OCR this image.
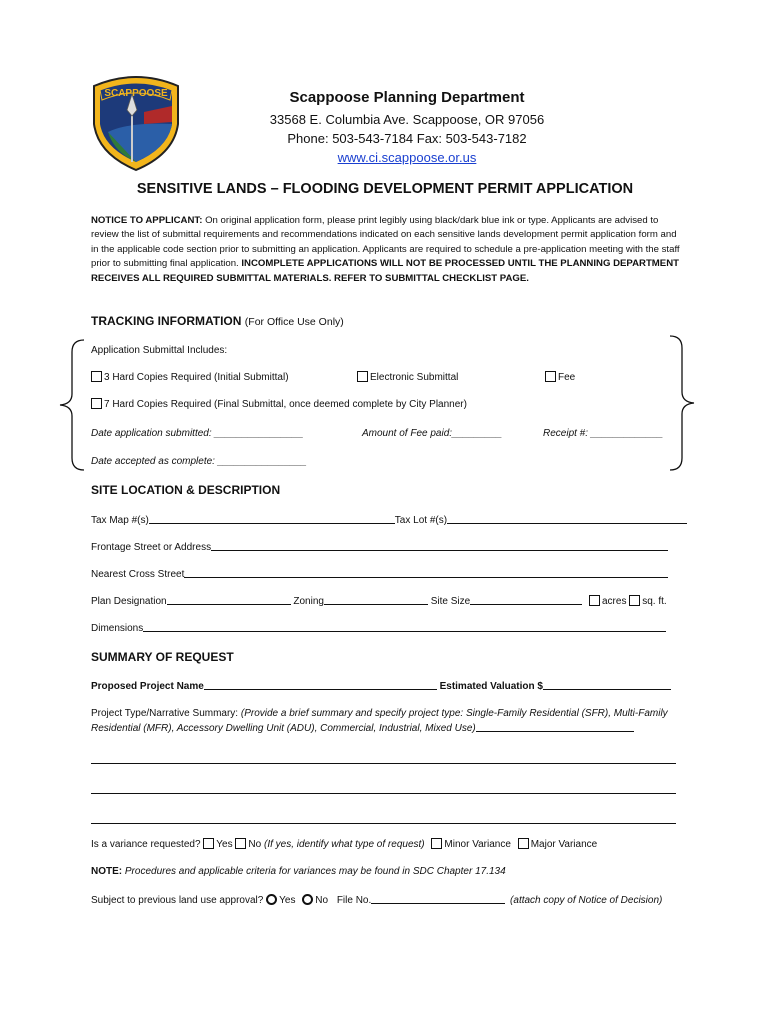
SCAPPOOSE	Scappoose Planning Department
33568 E. Columbia Ave. Scappoose, OR 97056
Phone: 503-543-7184 Fax: 503-543-7182
www.ci.scappoose.or.us
SENSITIVE LANDS – FLOODING DEVELOPMENT PERMIT APPLICATION
NOTICE TO APPLICANT: On original application form, please print legibly using black/dark blue ink or type. Applicants are advised to review the list of submittal requirements and recommendations indicated on each sensitive lands development permit application form and in the applicable code section prior to submitting an application. Applicants are required to schedule a pre-application meeting with the staff prior to submitting final application. INCOMPLETE APPLICATIONS WILL NOT BE PROCESSED UNTIL THE PLANNING DEPARTMENT RECEIVES ALL REQUIRED SUBMITTAL MATERIALS. REFER TO SUBMITTAL CHECKLIST PAGE.
TRACKING INFORMATION (For Office Use Only)
Application Submittal Includes:
3 Hard Copies Required (Initial Submittal)	Electronic Submittal	Fee
7 Hard Copies Required (Final Submittal, once deemed complete by City Planner)
Date application submitted: ________________	Amount of Fee paid:_________	Receipt #: _____________
Date accepted as complete: ________________
SITE LOCATION & DESCRIPTION
Tax Map #(s)	Tax Lot #(s)
Frontage Street or Address
Nearest Cross Street
Plan Designation	Zoning	Site Size	acres sq. ft.
Dimensions
SUMMARY OF REQUEST
Proposed Project Name	Estimated Valuation $
Project Type/Narrative Summary: (Provide a brief summary and specify project type: Single-Family Residential (SFR), Multi-Family Residential (MFR), Accessory Dwelling Unit (ADU), Commercial, Industrial, Mixed Use)
Is a variance requested? Yes No (If yes, identify what type of request) Minor Variance Major Variance
NOTE: Procedures and applicable criteria for variances may be found in SDC Chapter 17.134
Subject to previous land use approval? Yes No File No.	(attach copy of Notice of Decision)
